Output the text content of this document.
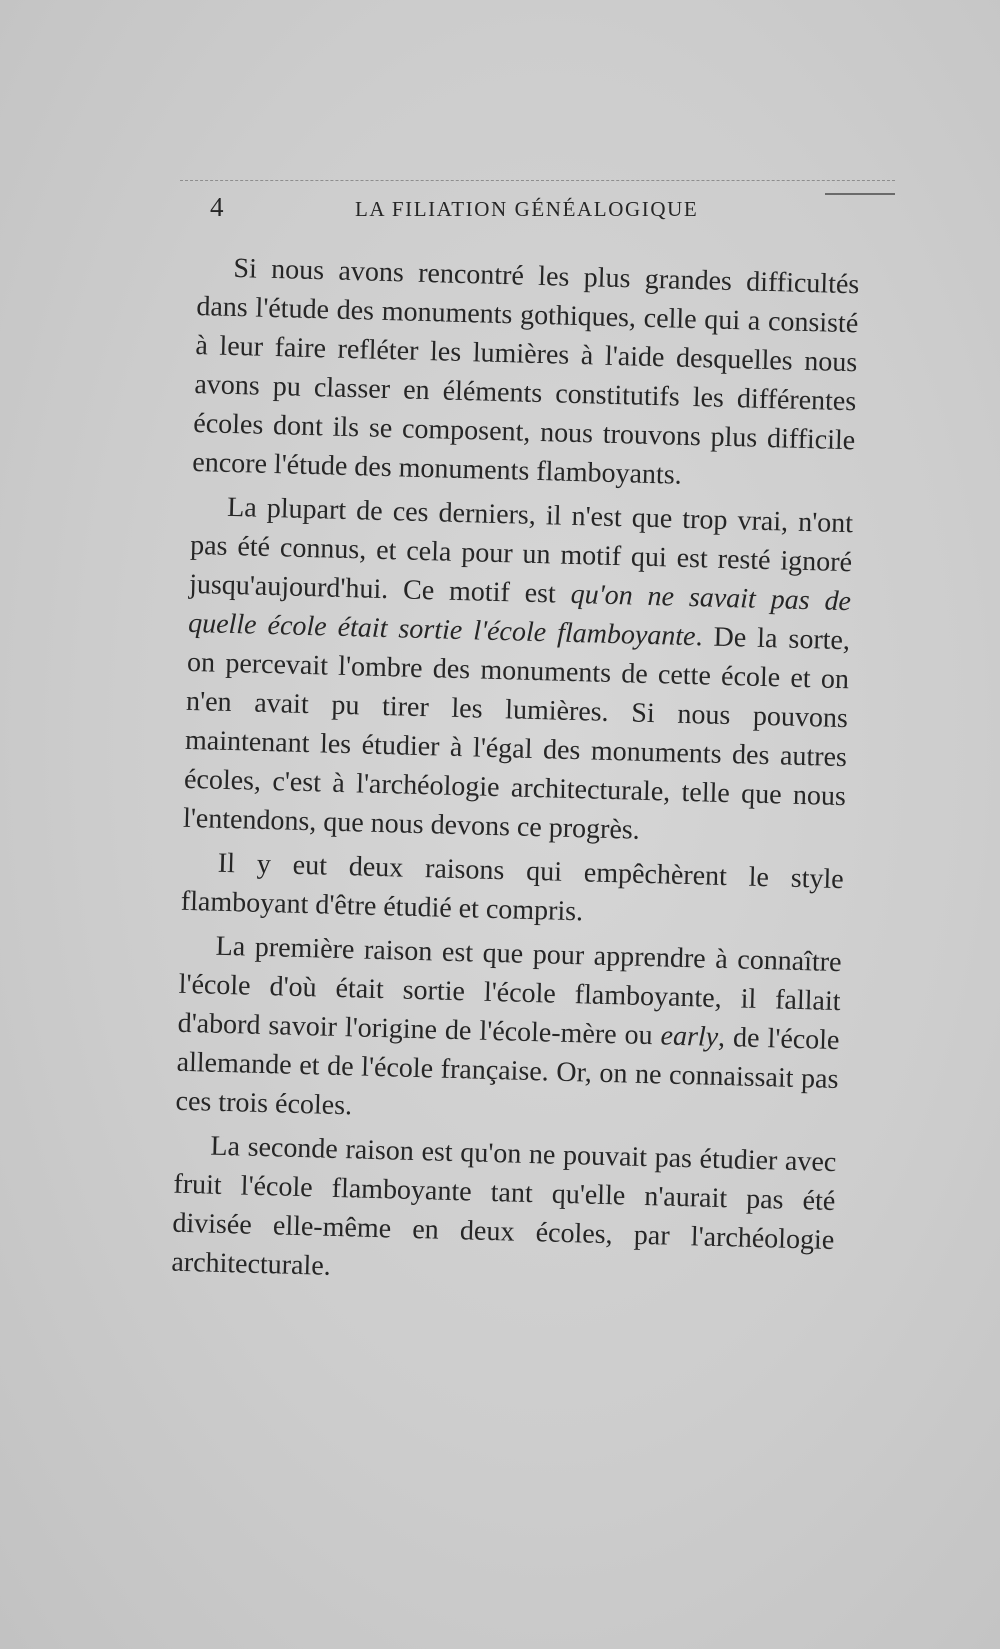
4	LA FILIATION GÉNÉALOGIQUE

Si nous avons rencontré les plus grandes difficultés dans l'étude des monuments gothiques, celle qui a consisté à leur faire refléter les lumières à l'aide desquelles nous avons pu classer en éléments constitutifs les différentes écoles dont ils se composent, nous trouvons plus difficile encore l'étude des monuments flamboyants.

La plupart de ces derniers, il n'est que trop vrai, n'ont pas été connus, et cela pour un motif qui est resté ignoré jusqu'aujourd'hui. Ce motif est qu'on ne savait pas de quelle école était sortie l'école flamboyante. De la sorte, on percevait l'ombre des monuments de cette école et on n'en avait pu tirer les lumières. Si nous pouvons maintenant les étudier à l'égal des monuments des autres écoles, c'est à l'archéologie architecturale, telle que nous l'entendons, que nous devons ce progrès.

Il y eut deux raisons qui empêchèrent le style flamboyant d'être étudié et compris.

La première raison est que pour apprendre à connaître l'école d'où était sortie l'école flamboyante, il fallait d'abord savoir l'origine de l'école-mère ou early, de l'école allemande et de l'école française. Or, on ne connaissait pas ces trois écoles.

La seconde raison est qu'on ne pouvait pas étudier avec fruit l'école flamboyante tant qu'elle n'aurait pas été divisée elle-même en deux écoles, par l'archéologie architecturale.
